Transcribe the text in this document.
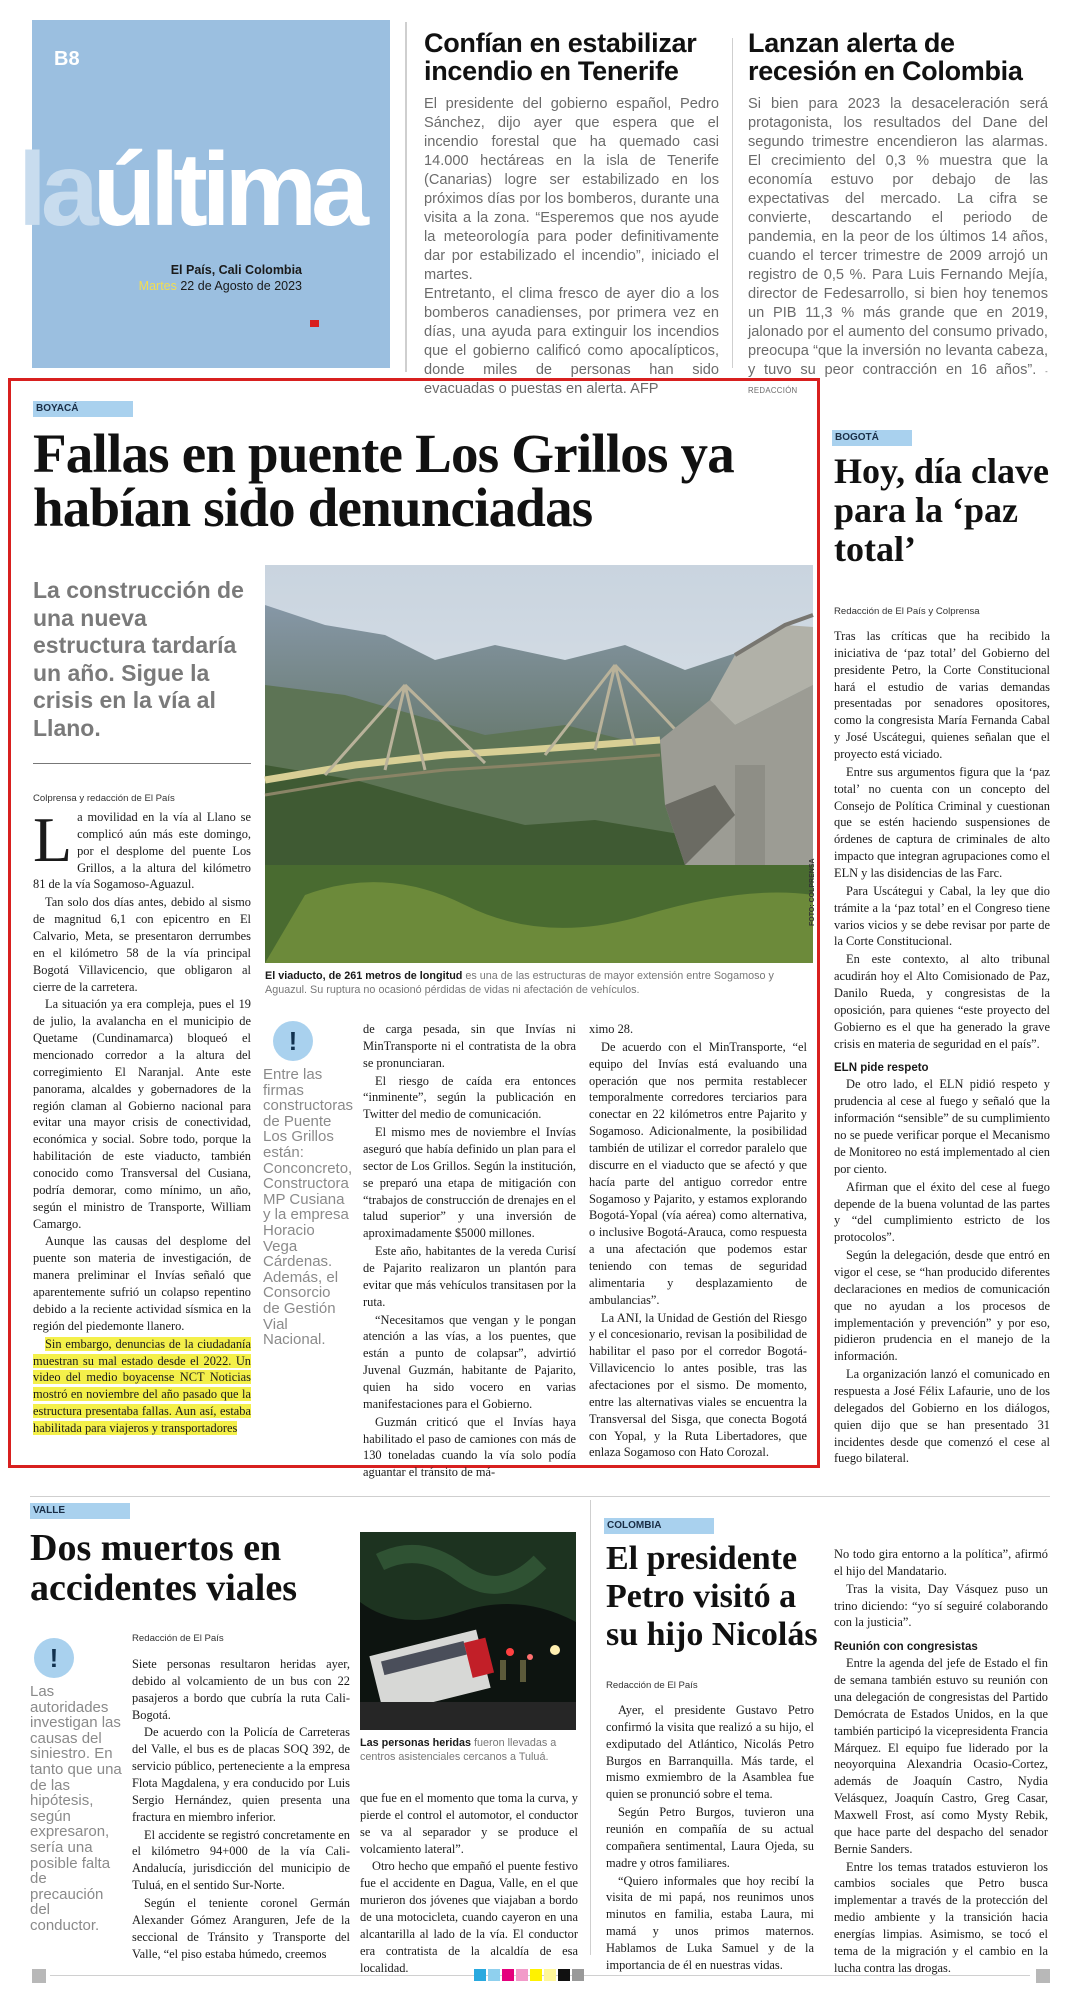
B8
laúltima
El País, Cali Colombia
Martes 22 de Agosto de 2023
Confían en estabilizar incendio en Tenerife

El presidente del gobierno español, Pedro Sánchez, dijo ayer que espera que el incendio forestal que ha quemado casi 14.000 hectáreas en la isla de Tenerife (Canarias) logre ser estabilizado en los próximos días por los bomberos, durante una visita a la zona. “Esperemos que nos ayude la meteorología para poder definitivamente dar por estabilizado el incendio”, iniciado el martes.

Entretanto, el clima fresco de ayer dio a los bomberos canadienses, por primera vez en días, una ayuda para extinguir los incendios que el gobierno calificó como apocalípticos, donde miles de personas han sido evacuadas o puestas en alerta. AFP

Lanzan alerta de recesión en Colombia

Si bien para 2023 la desaceleración será protagonista, los resultados del Dane del segundo trimestre encendieron las alarmas. El crecimiento del 0,3 % muestra que la economía estuvo por debajo de las expectativas del mercado. La cifra se convierte, descartando el periodo de pandemia, en la peor de los últimos 14 años, cuando el tercer trimestre de 2009 arrojó un registro de 0,5 %. Para Luis Fernando Mejía, director de Fedesarrollo, si bien hoy tenemos un PIB 11,3 % más grande que en 2019, jalonado por el aumento del consumo privado, preocupa “que la inversión no levanta cabeza, y tuvo su peor contracción en 16 años”. -REDACCIÓN

BOYACÁ
Fallas en puente Los Grillos ya habían sido denunciadas
La construcción de una nueva estructura tardaría un año. Sigue la crisis en la vía al Llano.
Colprensa y redacción de El País
FOTO: COLPRENSA
El viaducto, de 261 metros de longitud es una de las estructuras de mayor extensión entre Sogamoso y Aguazul. Su ruptura no ocasionó pérdidas de vidas ni afectación de vehículos.

La movilidad en la vía al Llano se complicó aún más este domingo, por el desplome del puente Los Grillos, a la altura del kilómetro 81 de la vía Sogamoso-Aguazul.

Tan solo dos días antes, debido al sismo de magnitud 6,1 con epicentro en El Calvario, Meta, se presentaron derrumbes en el kilómetro 58 de la vía principal Bogotá Villavicencio, que obligaron al cierre de la carretera.

La situación ya era compleja, pues el 19 de julio, la avalancha en el municipio de Quetame (Cundinamarca) bloqueó el mencionado corredor a la altura del corregimiento El Naranjal. Ante este panorama, alcaldes y gobernadores de la región claman al Gobierno nacional para evitar una mayor crisis de conectividad, económica y social. Sobre todo, porque la habilitación de este viaducto, también conocido como Transversal del Cusiana, podría demorar, como mínimo, un año, según el ministro de Transporte, William Camargo.

Aunque las causas del desplome del puente son materia de investigación, de manera preliminar el Invías señaló que aparentemente sufrió un colapso repentino debido a la reciente actividad sísmica en la región del piedemonte llanero.

Sin embargo, denuncias de la ciudadanía muestran su mal estado desde el 2022. Un video del medio boyacense NCT Noticias mostró en noviembre del año pasado que la estructura presentaba fallas. Aun así, estaba habilitada para viajeros y transportadores

!
Entre las firmas constructoras de Puente Los Grillos están: Conconcreto, Constructora MP Cusiana y la empresa Horacio Vega Cárdenas. Además, el Consorcio de Gestión Vial Nacional.

de carga pesada, sin que Invías ni MinTransporte ni el contratista de la obra se pronunciaran.

El riesgo de caída era entonces “inminente”, según la publicación en Twitter del medio de comunicación.

El mismo mes de noviembre el Invías aseguró que había definido un plan para el sector de Los Grillos. Según la institución, se preparó una etapa de mitigación con “trabajos de construcción de drenajes en el talud superior” y una inversión de aproximadamente $5000 millones.

Este año, habitantes de la vereda Curisí de Pajarito realizaron un plantón para evitar que más vehículos transitasen por la ruta.

“Necesitamos que vengan y le pongan atención a las vías, a los puentes, que están a punto de colapsar”, advirtió Juvenal Guzmán, habitante de Pajarito, quien ha sido vocero en varias manifestaciones para el Gobierno.

Guzmán criticó que el Invías haya habilitado el paso de camiones con más de 130 toneladas cuando la vía solo podía aguantar el tránsito de má-

ximo 28.

De acuerdo con el MinTransporte, “el equipo del Invías está evaluando una operación que nos permita restablecer temporalmente corredores terciarios para conectar en 22 kilómetros entre Pajarito y Sogamoso. Adicionalmente, la posibilidad también de utilizar el corredor paralelo que discurre en el viaducto que se afectó y que hacía parte del antiguo corredor entre Sogamoso y Pajarito, y estamos explorando Bogotá-Yopal (vía aérea) como alternativa, o inclusive Bogotá-Arauca, como respuesta a una afectación que podemos estar teniendo con temas de seguridad alimentaria y desplazamiento de ambulancias”.

La ANI, la Unidad de Gestión del Riesgo y el concesionario, revisan la posibilidad de habilitar el paso por el corredor Bogotá-Villavicencio lo antes posible, tras las afectaciones por el sismo. De momento, entre las alternativas viales se encuentra la Transversal del Sisga, que conecta Bogotá con Yopal, y la Ruta Libertadores, que enlaza Sogamoso con Hato Corozal.

BOGOTÁ
Hoy, día clave para la ‘paz total’
Redacción de El País y Colprensa

Tras las críticas que ha recibido la iniciativa de ‘paz total’ del Gobierno del presidente Petro, la Corte Constitucional hará el estudio de varias demandas presentadas por senadores opositores, como la congresista María Fernanda Cabal y José Uscátegui, quienes señalan que el proyecto está viciado.

Entre sus argumentos figura que la ‘paz total’ no cuenta con un concepto del Consejo de Política Criminal y cuestionan que se estén haciendo suspensiones de órdenes de captura de criminales de alto impacto que integran agrupaciones como el ELN y las disidencias de las Farc.

Para Uscátegui y Cabal, la ley que dio trámite a la ‘paz total’ en el Congreso tiene varios vicios y se debe revisar por parte de la Corte Constitucional.

En este contexto, al alto tribunal acudirán hoy el Alto Comisionado de Paz, Danilo Rueda, y congresistas de la oposición, para quienes “este proyecto del Gobierno es el que ha generado la grave crisis en materia de seguridad en el país”.

ELN pide respeto

De otro lado, el ELN pidió respeto y prudencia al cese al fuego y señaló que la información “sensible” de su cumplimiento no se puede verificar porque el Mecanismo de Monitoreo no está implementado al cien por ciento.

Afirman que el éxito del cese al fuego depende de la buena voluntad de las partes y “del cumplimiento estricto de los protocolos”.

Según la delegación, desde que entró en vigor el cese, se “han producido diferentes declaraciones en medios de comunicación que no ayudan a los procesos de implementación y prevención” y por eso, pidieron prudencia en el manejo de la información.

La organización lanzó el comunicado en respuesta a José Félix Lafaurie, uno de los delegados del Gobierno en los diálogos, quien dijo que se han presentado 31 incidentes desde que comenzó el cese al fuego bilateral.

VALLE
Dos muertos en accidentes viales
!
Las autoridades investigan las causas del siniestro. En tanto que una de las hipótesis, según expresaron, sería una posible falta de precaución del conductor.
Las personas heridas fueron llevadas a centros asistenciales cercanos a Tuluá.
Redacción de El País

Siete personas resultaron heridas ayer, debido al volcamiento de un bus con 22 pasajeros a bordo que cubría la ruta Cali-Bogotá.

De acuerdo con la Policía de Carreteras del Valle, el bus es de placas SOQ 392, de servicio público, perteneciente a la empresa Flota Magdalena, y era conducido por Luis Sergio Hernández, quien presenta una fractura en miembro inferior.

El accidente se registró concretamente en el kilómetro 94+000 de la vía Cali-Andalucía, jurisdicción del municipio de Tuluá, en el sentido Sur-Norte.

Según el teniente coronel Germán Alexander Gómez Aranguren, Jefe de la seccional de Tránsito y Transporte del Valle, “el piso estaba húmedo, creemos

que fue en el momento que toma la curva, y pierde el control el automotor, el conductor se va al separador y se produce el volcamiento lateral”.

Otro hecho que empañó el puente festivo fue el accidente en Dagua, Valle, en el que murieron dos jóvenes que viajaban a bordo de una motocicleta, cuando cayeron en una alcantarilla al lado de la vía. El conductor era contratista de la alcaldía de esa localidad.

COLOMBIA
El presidente Petro visitó a su hijo Nicolás
Redacción de El País

Ayer, el presidente Gustavo Petro confirmó la visita que realizó a su hijo, el exdiputado del Atlántico, Nicolás Petro Burgos en Barranquilla. Más tarde, el mismo exmiembro de la Asamblea fue quien se pronunció sobre el tema.

Según Petro Burgos, tuvieron una reunión en compañía de su actual compañera sentimental, Laura Ojeda, su madre y otros familiares.

“Quiero informales que hoy recibí la visita de mi papá, nos reunimos unos minutos en familia, estaba Laura, mi mamá y unos primos maternos. Hablamos de Luka Samuel y de la importancia de él en nuestras vidas.

No todo gira entorno a la política”, afirmó el hijo del Mandatario.

Tras la visita, Day Vásquez puso un trino diciendo: “yo sí seguiré colaborando con la justicia”.

Reunión con congresistas

Entre la agenda del jefe de Estado el fin de semana también estuvo su reunión con una delegación de congresistas del Partido Demócrata de Estados Unidos, en la que también participó la vicepresidenta Francia Márquez. El equipo fue liderado por la neoyorquina Alexandria Ocasio-Cortez, además de Joaquín Castro, Nydia Velásquez, Joaquín Castro, Greg Casar, Maxwell Frost, así como Mysty Rebik, que hace parte del despacho del senador Bernie Sanders.

Entre los temas tratados estuvieron los cambios sociales que Petro busca implementar a través de la protección del medio ambiente y la transición hacia energías limpias. Asimismo, se tocó el tema de la migración y el cambio en la lucha contra las drogas.
